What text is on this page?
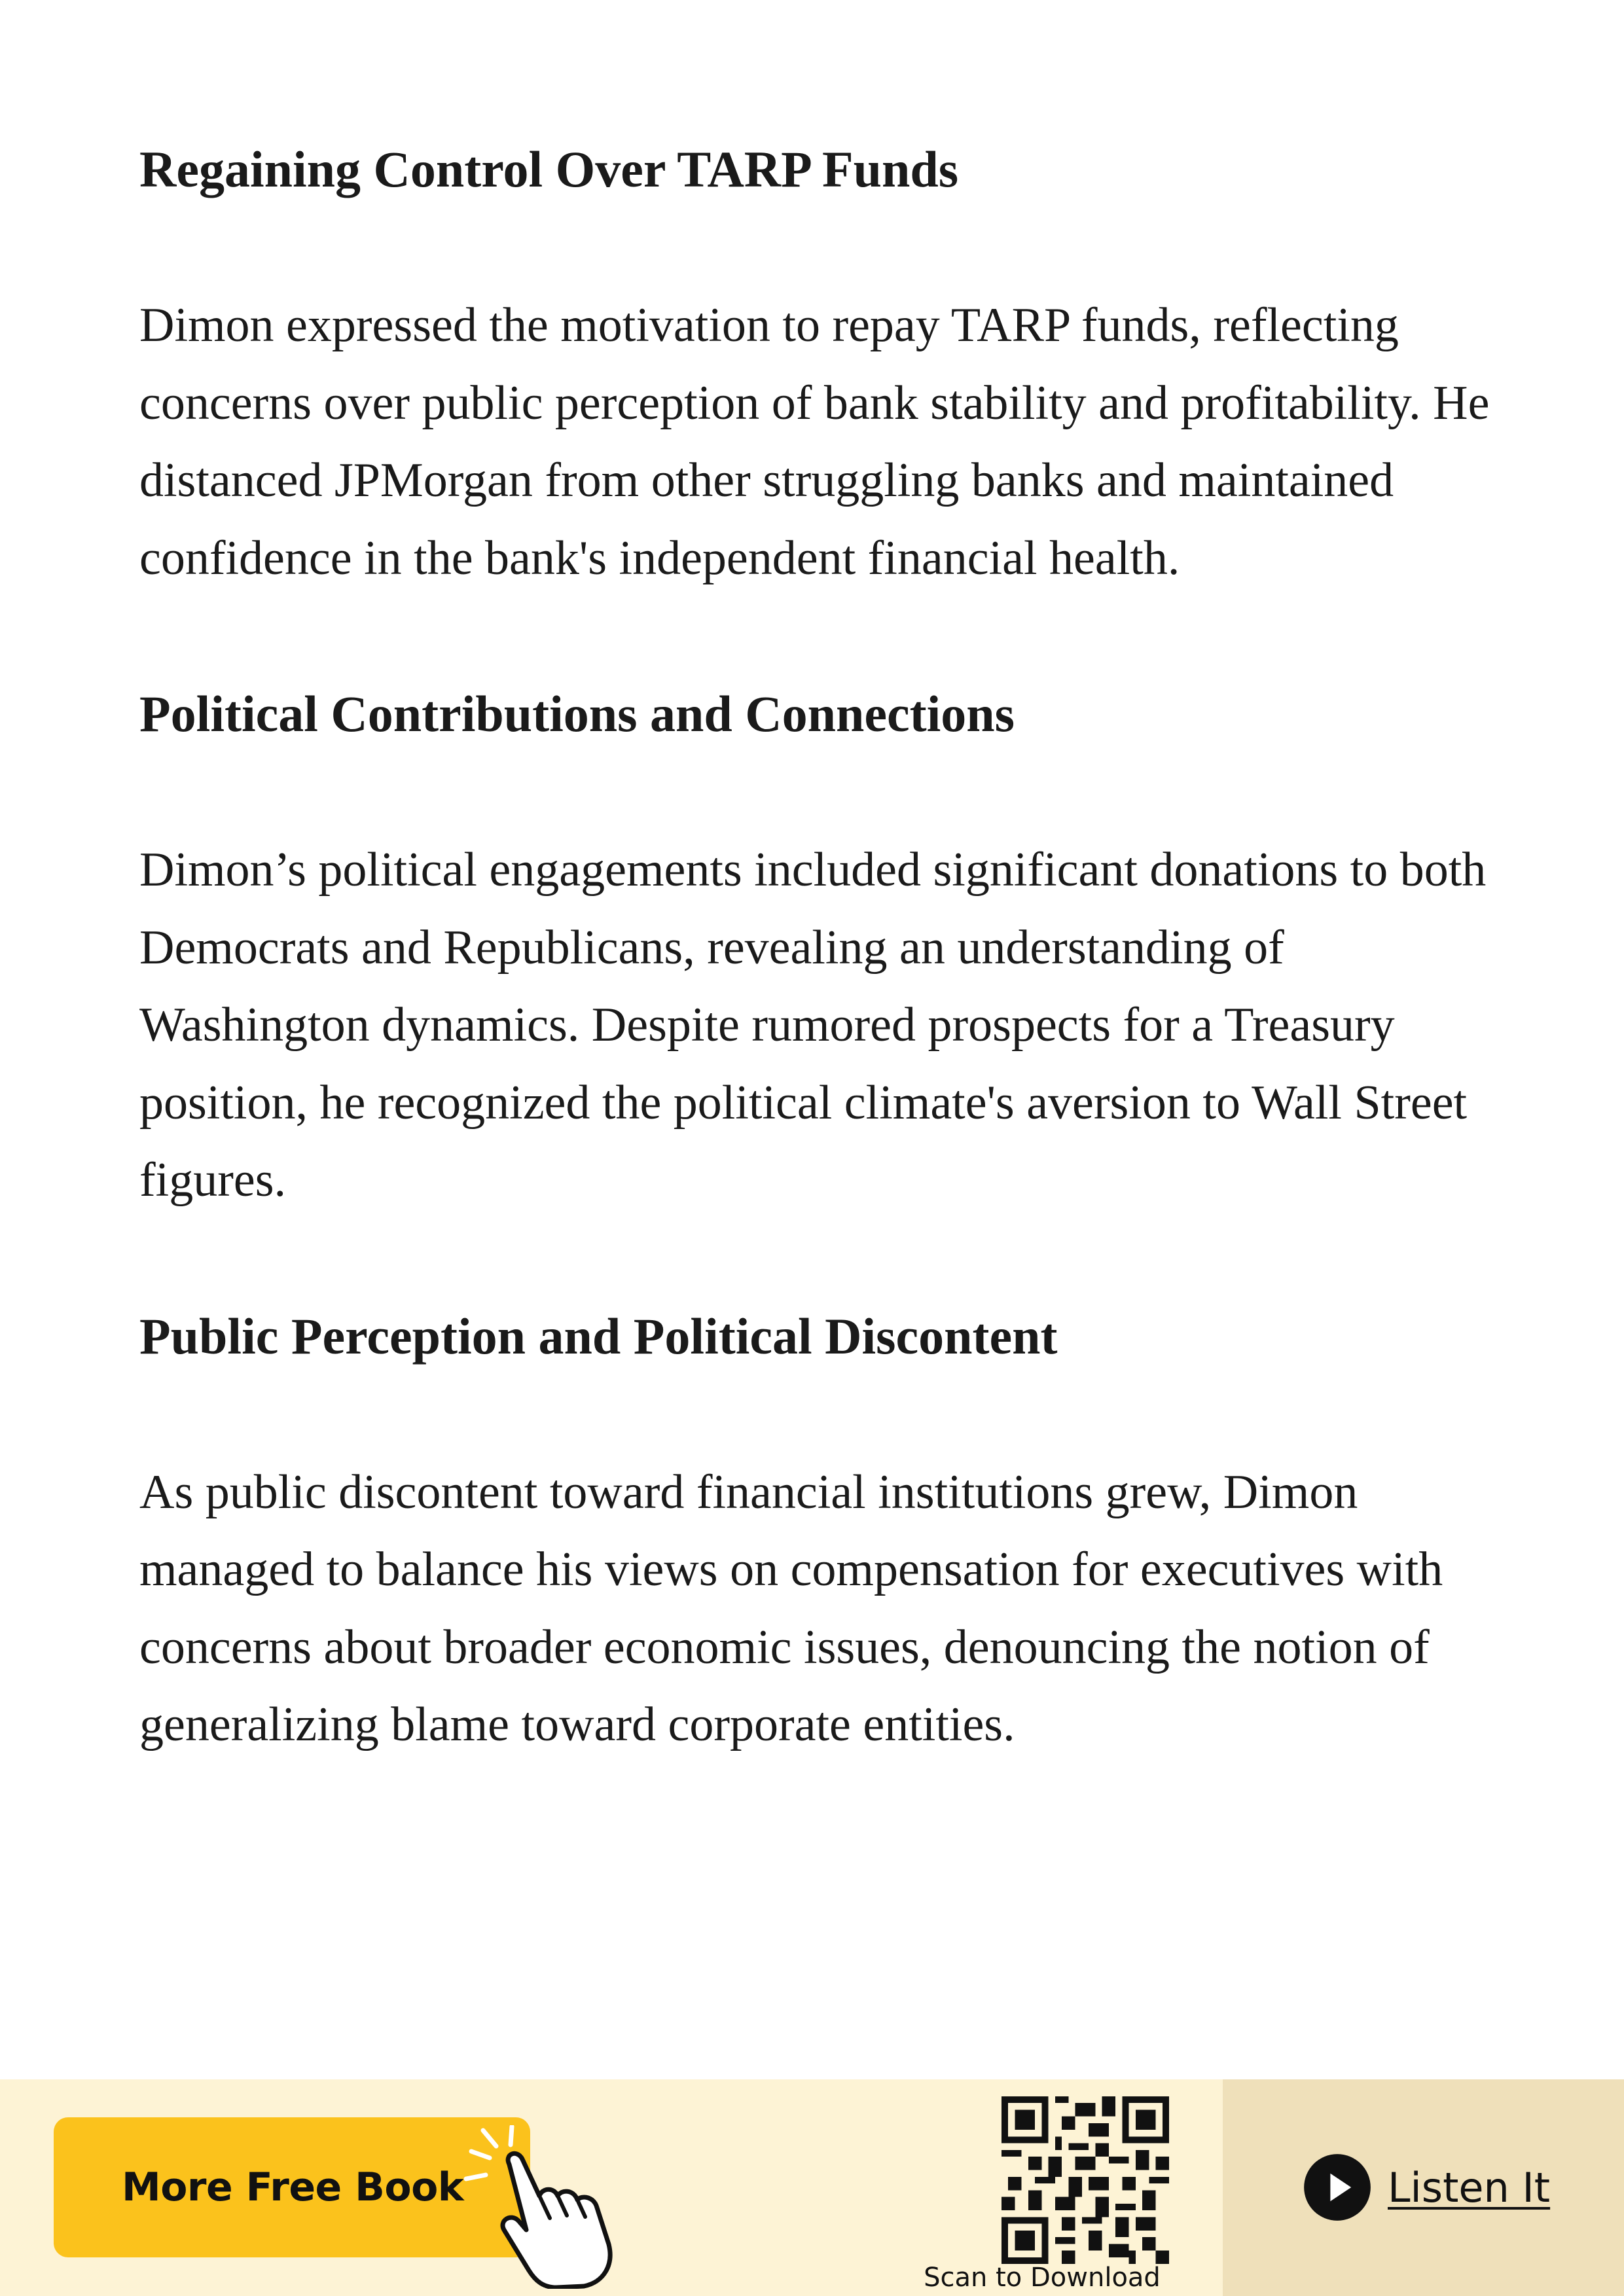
Regaining Control Over TARP Funds

Dimon expressed the motivation to repay TARP funds, reflecting concerns over public perception of bank stability and profitability. He distanced JPMorgan from other struggling banks and maintained confidence in the bank's independent financial health.

Political Contributions and Connections

Dimon’s political engagements included significant donations to both Democrats and Republicans, revealing an understanding of Washington dynamics. Despite rumored prospects for a Treasury position, he recognized the political climate's aversion to Wall Street figures.

Public Perception and Political Discontent

As public discontent toward financial institutions grew, Dimon managed to balance his views on compensation for executives with concerns about broader economic issues, denouncing the notion of generalizing blame toward corporate entities.

More Free Book
Scan to Download
Listen It
